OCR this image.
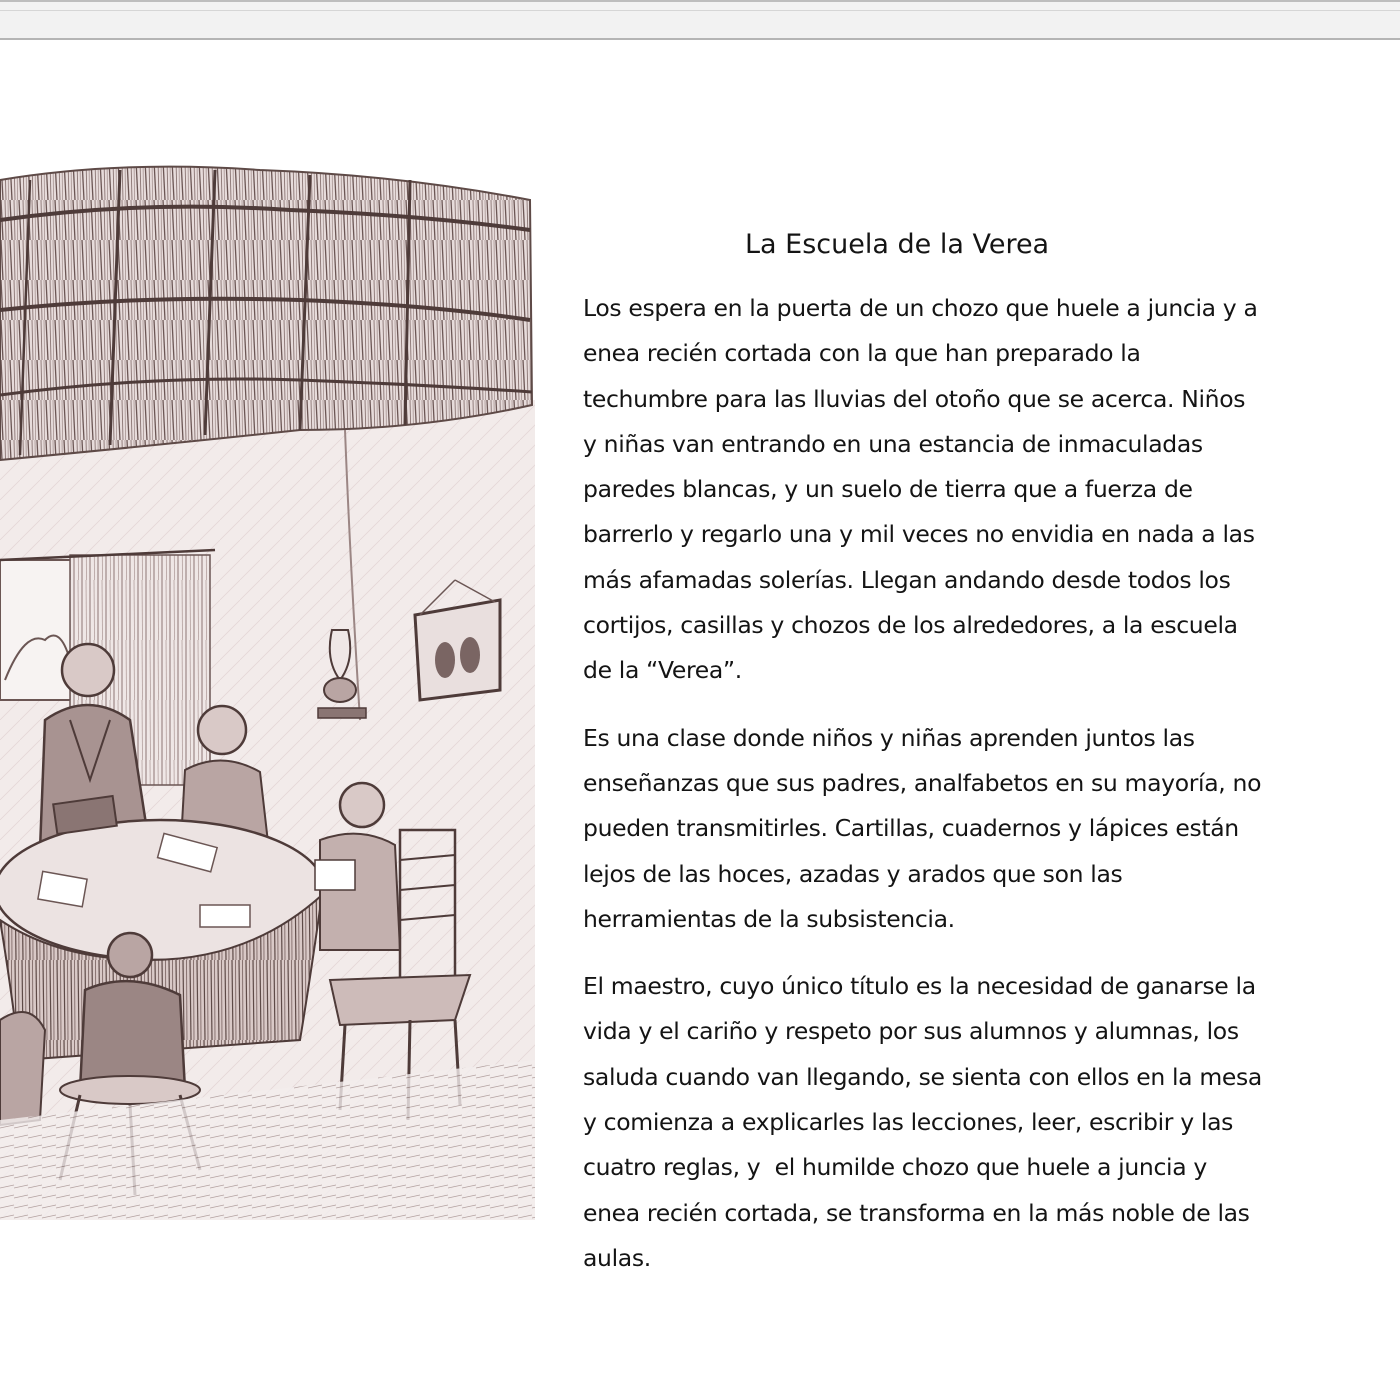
La Escuela de la Verea

Los espera en la puerta de un chozo que huele a juncia y a
enea recién cortada con la que han preparado la
techumbre para las lluvias del otoño que se acerca. Niños
y niñas van entrando en una estancia de inmaculadas
paredes blancas, y un suelo de tierra que a fuerza de
barrerlo y regarlo una y mil veces no envidia en nada a las
más afamadas solerías. Llegan andando desde todos los
cortijos, casillas y chozos de los alrededores, a la escuela
de la “Verea”.

Es una clase donde niños y niñas aprenden juntos las
enseñanzas que sus padres, analfabetos en su mayoría, no
pueden transmitirles. Cartillas, cuadernos y lápices están
lejos de las hoces, azadas y arados que son las
herramientas de la subsistencia.

El maestro, cuyo único título es la necesidad de ganarse la
vida y el cariño y respeto por sus alumnos y alumnas, los
saluda cuando van llegando, se sienta con ellos en la mesa
y comienza a explicarles las lecciones, leer, escribir y las
cuatro reglas, y  el humilde chozo que huele a juncia y
enea recién cortada, se transforma en la más noble de las
aulas.
